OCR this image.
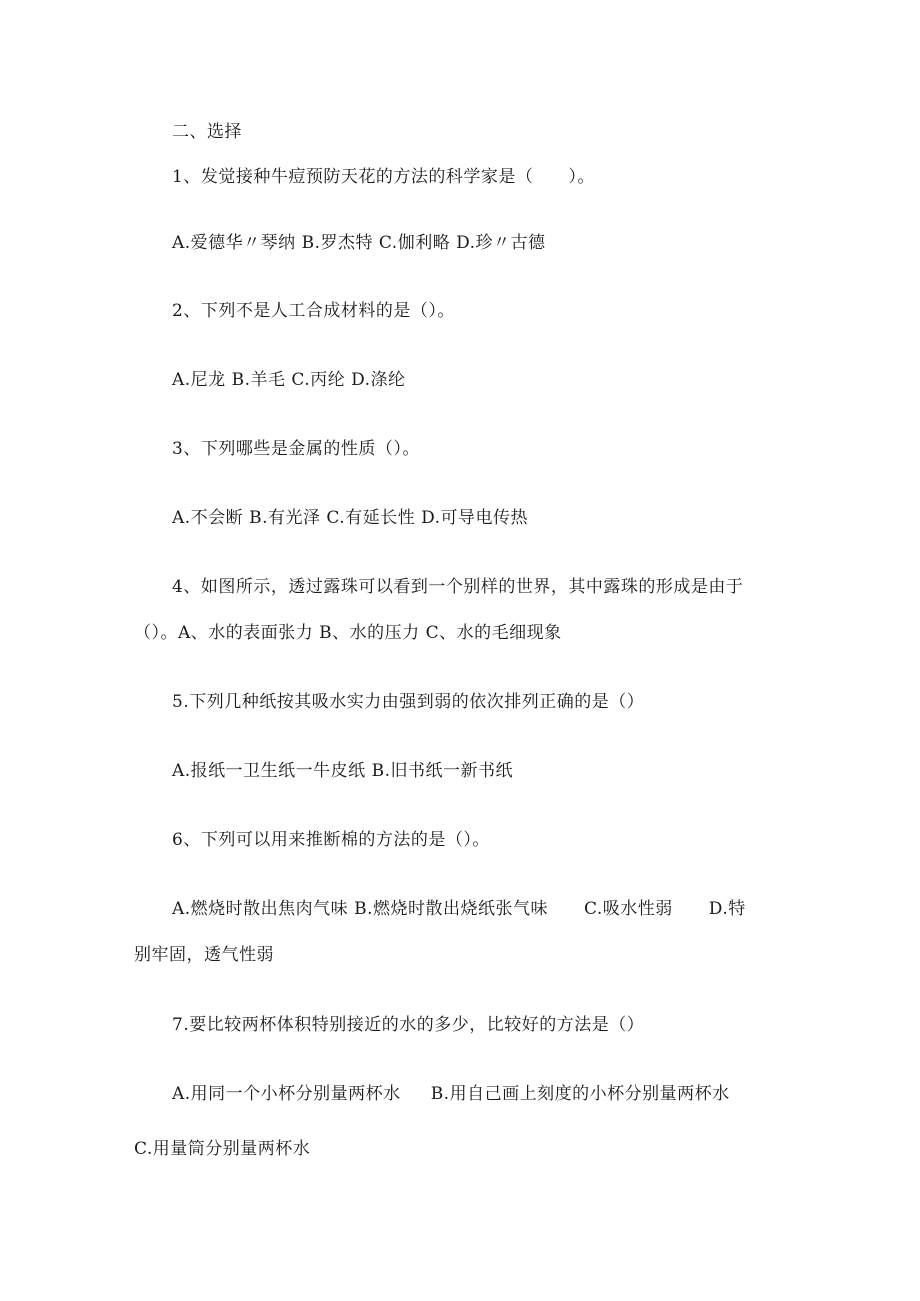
二、选择
1、发觉接种牛痘预防天花的方法的科学家是（　　）。
A.爱德华〃琴纳 B.罗杰特 C.伽利略 D.珍〃古德
2、下列不是人工合成材料的是（）。
A.尼龙 B.羊毛 C.丙纶 D.涤纶
3、下列哪些是金属的性质（）。
A.不会断 B.有光泽 C.有延长性 D.可导电传热
4、如图所示，透过露珠可以看到一个别样的世界，其中露珠的形成是由于
（）。A、水的表面张力 B、水的压力 C、水的毛细现象
5.下列几种纸按其吸水实力由强到弱的依次排列正确的是（）
A.报纸一卫生纸一牛皮纸 B.旧书纸一新书纸
6、下列可以用来推断棉的方法的是（）。
A.燃烧时散出焦肉气味 B.燃烧时散出烧纸张气味 C.吸水性弱 D.特
别牢固，透气性弱
7.要比较两杯体积特别接近的水的多少，比较好的方法是（）
A.用同一个小杯分别量两杯水 B.用自己画上刻度的小杯分别量两杯水
C.用量筒分别量两杯水
